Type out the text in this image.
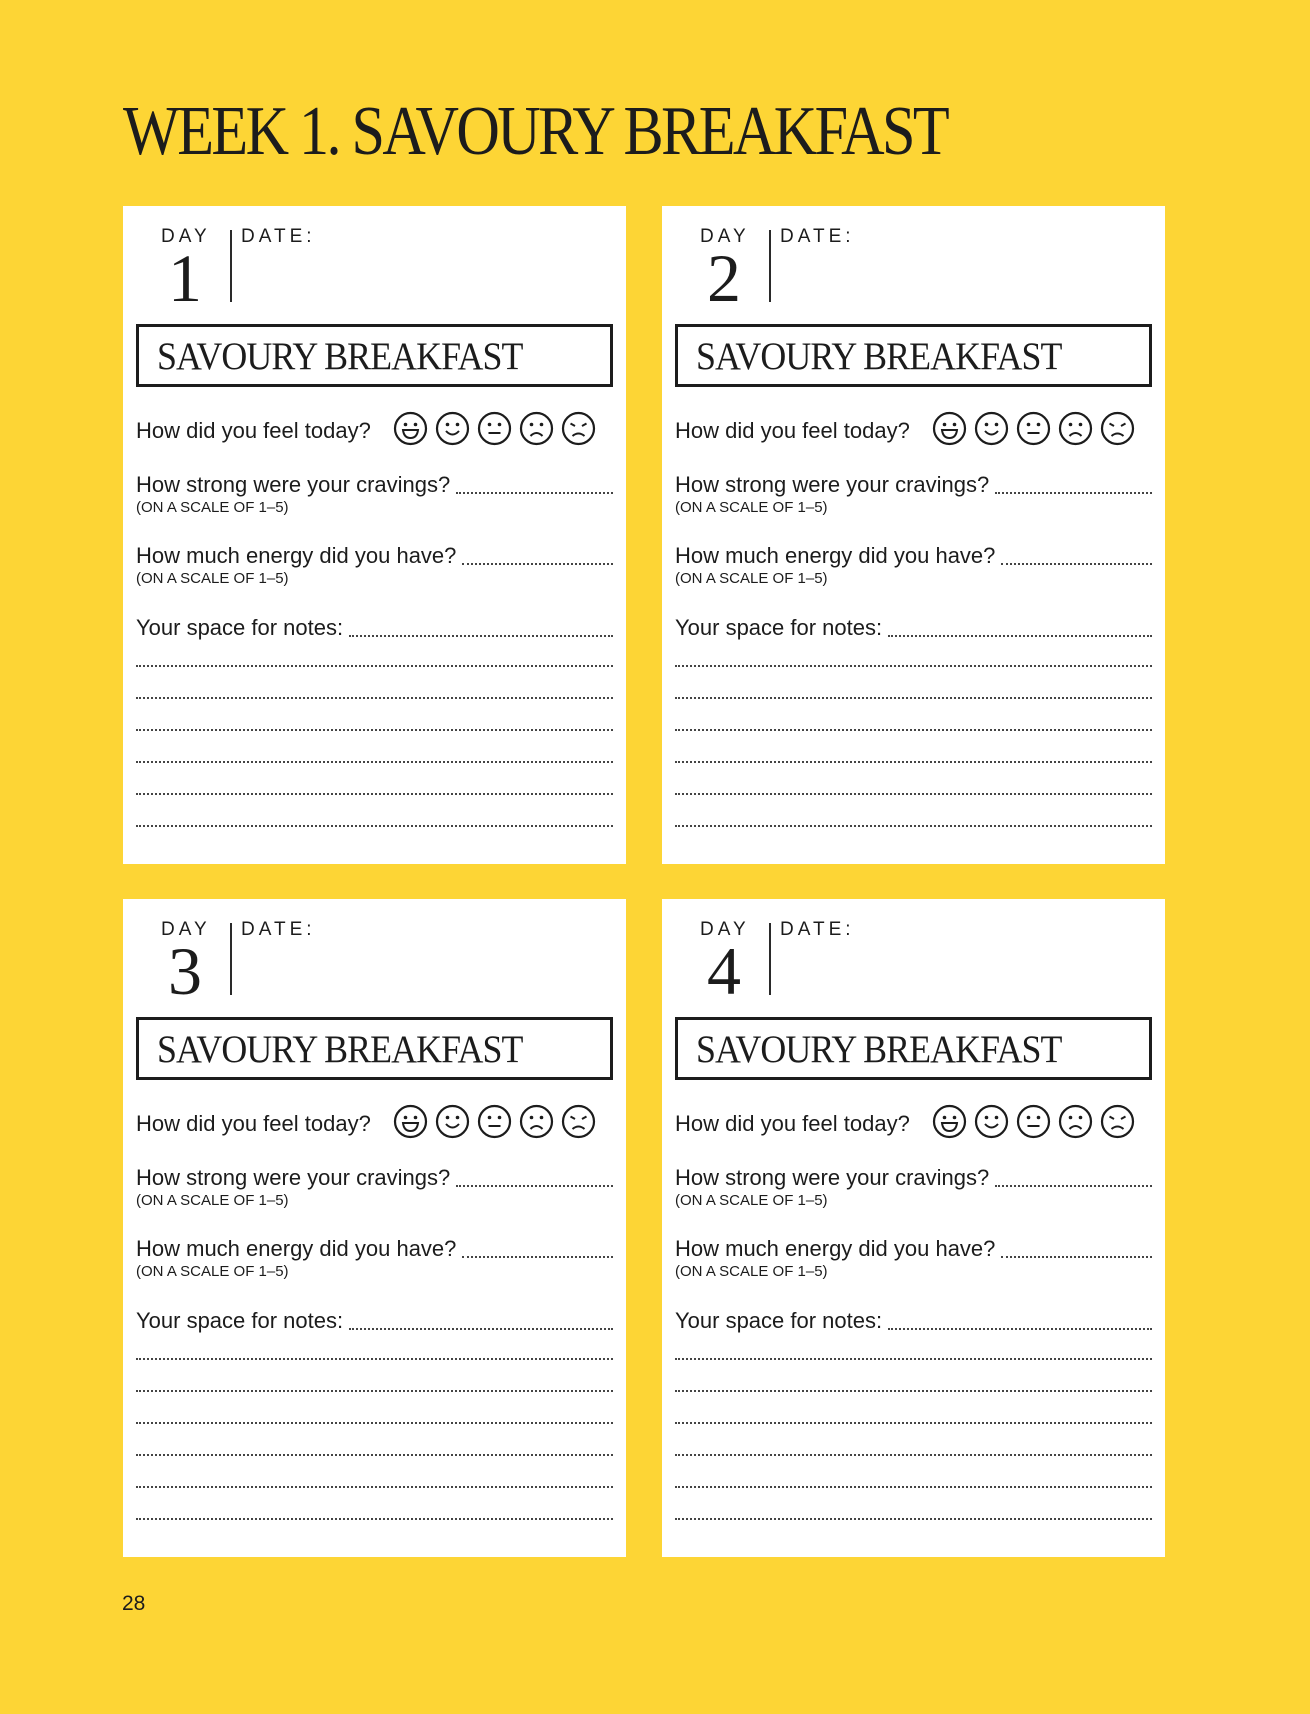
WEEK 1. SAVOURY BREAKFAST
DAY
1
DATE:
SAVOURY BREAKFAST
How did you feel today?
How strong were your cravings?
(ON A SCALE OF 1–5)
How much energy did you have?
(ON A SCALE OF 1–5)
Your space for notes:
DAY
2
DATE:
SAVOURY BREAKFAST
How did you feel today?
How strong were your cravings?
(ON A SCALE OF 1–5)
How much energy did you have?
(ON A SCALE OF 1–5)
Your space for notes:
DAY
3
DATE:
SAVOURY BREAKFAST
How did you feel today?
How strong were your cravings?
(ON A SCALE OF 1–5)
How much energy did you have?
(ON A SCALE OF 1–5)
Your space for notes:
DAY
4
DATE:
SAVOURY BREAKFAST
How did you feel today?
How strong were your cravings?
(ON A SCALE OF 1–5)
How much energy did you have?
(ON A SCALE OF 1–5)
Your space for notes:
28
